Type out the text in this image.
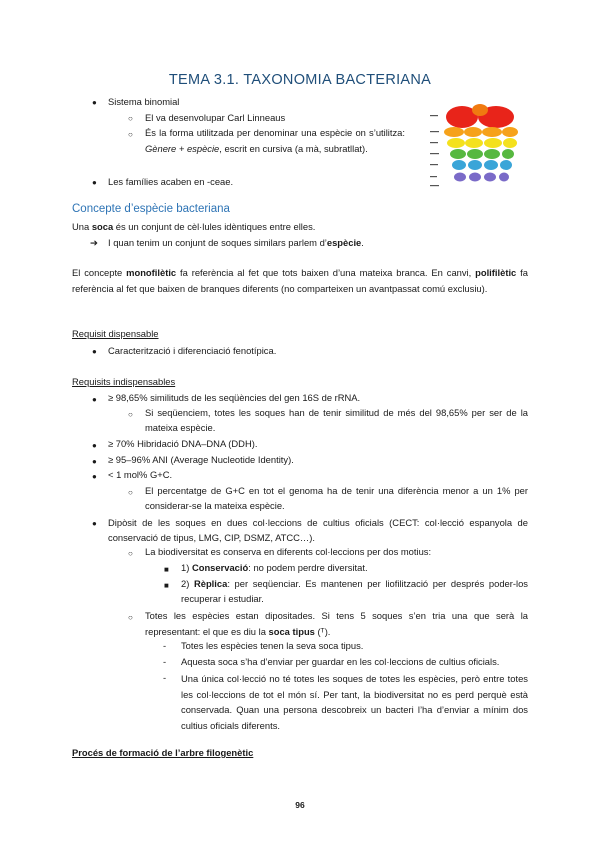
TEMA 3.1. TAXONOMIA BACTERIANA
● Sistema binomial
○ El va desenvolupar Carl Linneaus
○ És la forma utilitzada per denominar una espècie on s’utilitza: Gènere + espècie, escrit en cursiva (a mà, subratllat).
● Les famílies acaben en -ceae.
Concepte d’espècie bacteriana
Una soca és un conjunt de cèl·lules idèntiques entre elles.
➔ I quan tenim un conjunt de soques similars parlem d’espècie.
El concepte monofilètic fa referència al fet que tots baixen d’una mateixa branca. En canvi, polifilètic fa referència al fet que baixen de branques diferents (no comparteixen un avantpassat comú exclusiu).
Requisit dispensable
● Caracterització i diferenciació fenotípica.
Requisits indispensables
● ≥ 98,65% similituds de les seqüències del gen 16S de rRNA.
○ Si seqüenciem, totes les soques han de tenir similitud de més del 98,65% per ser de la mateixa espècie.
● ≥ 70% Hibridació DNA–DNA (DDH).
● ≥ 95–96% ANI (Average Nucleotide Identity).
● < 1 mol% G+C.
○ El percentatge de G+C en tot el genoma ha de tenir una diferència menor a un 1% per considerar-se la mateixa espècie.
● Dipòsit de les soques en dues col·leccions de cultius oficials (CECT: col·lecció espanyola de conservació de tipus, LMG, CIP, DSMZ, ATCC…).
○ La biodiversitat es conserva en diferents col·leccions per dos motius:
■ 1) Conservació: no podem perdre diversitat.
■ 2) Rèplica: per seqüenciar. Es mantenen per liofilització per després poder-los recuperar i estudiar.
○ Totes les espècies estan dipositades. Si tens 5 soques s’en tria una que serà la representant: el que es diu la soca tipus (ᵀ).
- Totes les espècies tenen la seva soca tipus.
- Aquesta soca s’ha d’enviar per guardar en les col·leccions de cultius oficials.
- Una única col·lecció no té totes les soques de totes les espècies, però entre totes les col·leccions de tot el món sí. Per tant, la biodiversitat no es perd perquè està conservada. Quan una persona descobreix un bacteri l’ha d’enviar a mínim dos cultius oficials diferents.
Procés de formació de l’arbre filogenètic
96
